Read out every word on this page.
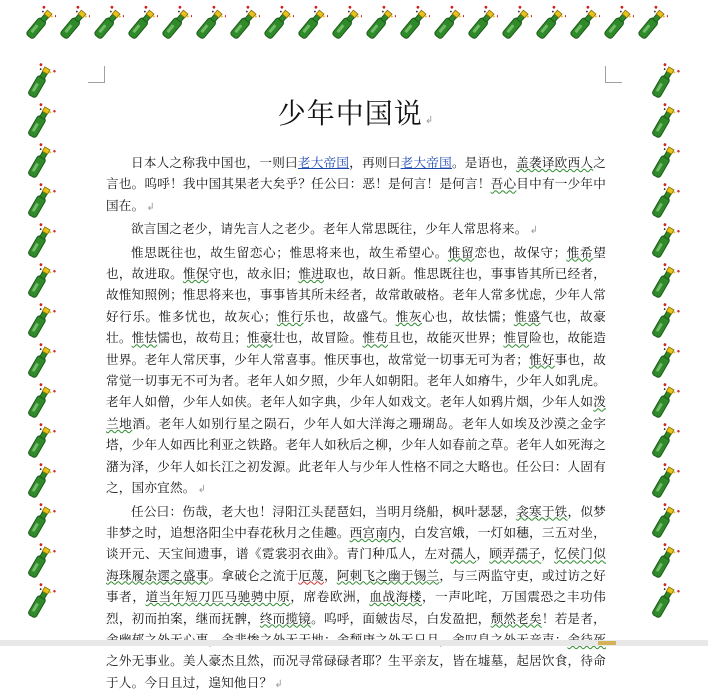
少年中国说 ↲

日本人之称我中国也，一则曰老大帝国，再则曰老大帝国。是语也，盖袭译欧西人之言也。呜呼！我中国其果老大矣乎？任公曰：恶！是何言！是何言！吾心目中有一少年中国在。 ↲

欲言国之老少，请先言人之老少。老年人常思既往，少年人常思将来。 ↲

惟思既往也，故生留恋心；惟思将来也，故生希望心。惟留恋也，故保守；惟希望也，故进取。惟保守也，故永旧；惟进取也，故日新。惟思既往也，事事皆其所已经者，故惟知照例；惟思将来也，事事皆其所未经者，故常敢破格。老年人常多忧虑，少年人常好行乐。惟多忧也，故灰心；惟行乐也，故盛气。惟灰心也，故怯懦；惟盛气也，故豪壮。惟怯懦也，故苟且；惟豪壮也，故冒险。惟苟且也，故能灭世界；惟冒险也，故能造世界。老年人常厌事，少年人常喜事。惟厌事也，故常觉一切事无可为者；惟好事也，故常觉一切事无不可为者。老年人如夕照，少年人如朝阳。老年人如瘠牛，少年人如乳虎。老年人如僧，少年人如侠。老年人如字典，少年人如戏文。老年人如鸦片烟，少年人如泼兰地酒。老年人如别行星之陨石，少年人如大洋海之珊瑚岛。老年人如埃及沙漠之金字塔，少年人如西比利亚之铁路。老年人如秋后之柳，少年人如春前之草。老年人如死海之潴为泽，少年人如长江之初发源。此老年人与少年人性格不同之大略也。任公曰：人固有之，国亦宜然。 ↲

任公曰：伤哉，老大也！浔阳江头琵琶妇，当明月绕船，枫叶瑟瑟，衾寒于铁，似梦非梦之时，追想洛阳尘中春花秋月之佳趣。西宫南内，白发宫娥，一灯如穗，三五对坐，谈开元、天宝间遗事，谱《霓裳羽衣曲》。青门种瓜人，左对孺人，顾弄孺子，忆侯门似海珠履杂遝之盛事。拿破仑之流于厄蔑，阿刺飞之幽于锡兰，与三两监守吏，或过访之好事者，道当年短刀匹马驰骋中原，席卷欧洲，血战海楼，一声叱咤，万国震恐之丰功伟烈，初而拍案，继而抚髀，终而揽镜。呜呼，面皴齿尽，白发盈把，颓然老矣！若是者， 之外无事业。美人豪杰且然，而况寻常碌碌者耶？生平亲友，皆在墟墓，起居饮食，待命于人。今日且过，遑知他日？ ↲
